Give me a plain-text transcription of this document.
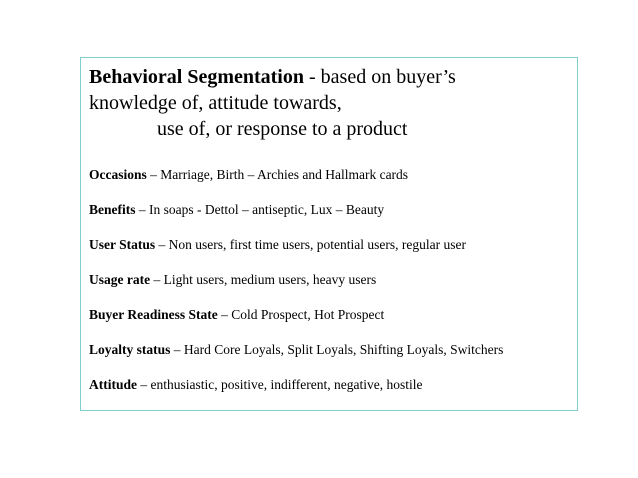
Behavioral Segmentation - based on buyer’s
knowledge of, attitude towards,
use of, or response to a product
Occasions – Marriage, Birth – Archies and Hallmark cards
Benefits – In soaps - Dettol – antiseptic, Lux – Beauty
User Status – Non users, first time users, potential users, regular user
Usage rate – Light users, medium users, heavy users
Buyer Readiness State – Cold Prospect, Hot Prospect
Loyalty status – Hard Core Loyals, Split Loyals, Shifting Loyals, Switchers
Attitude – enthusiastic, positive, indifferent, negative, hostile
